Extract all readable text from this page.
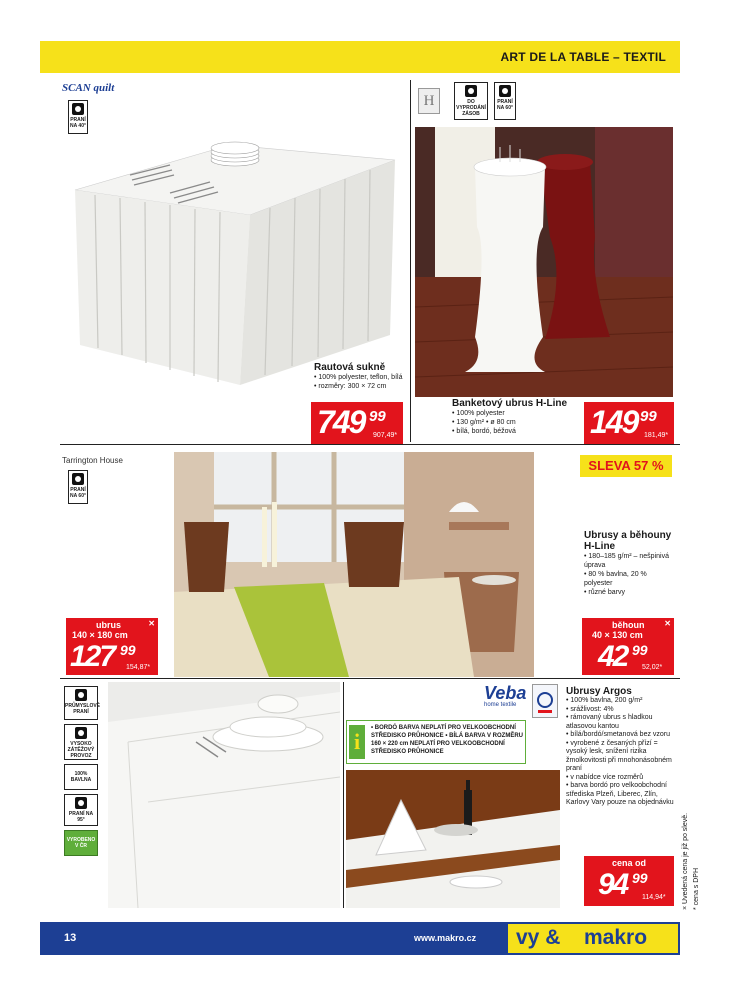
ART DE LA TABLE – TEXTIL
SCAN quilt
PRANÍ NA 40°
Rautová sukně
• 100% polyester, teflon, bílá
• rozměry: 300 × 72 cm
749 99
907,49*
H	DO VYPRODÁNÍ ZÁSOB
PRANÍ NA 60°
Banketový ubrus H-Line
• 100% polyester
• 130 g/m² • ø 80 cm
• bílá, bordó, béžová	149 99
181,49*
Tarrington House
PRANÍ NA 60°
SLEVA 57 %
Ubrusy a běhouny H-Line
• 180–185 g/m² – nešpinivá úprava
• 80 % bavlna, 20 % polyester
• různé barvy
ubrus
140 × 180 cm
✕
127 99
154,87*
běhoun
40 × 130 cm
✕
42 99
52,02*
PRŮMYSLOVÉ PRANÍ
VYSOKO ZÁTĚŽOVÝ PROVOZ
100% BAVLNA
PRANÍ NA 95°
VYROBENO V ČR
Veba
home textile
i
• BORDÓ BARVA NEPLATÍ PRO VELKOOBCHODNÍ STŘEDISKO PRŮHONICE • BÍLÁ BARVA V ROZMĚRU 160 × 220 cm NEPLATÍ PRO VELKOOBCHODNÍ STŘEDISKO PRŮHONICE
Ubrusy Argos
• 100% bavlna, 200 g/m²
• srážlivost: 4%
• rámovaný ubrus s hladkou atlasovou kantou
• bílá/bordó/smetanová bez vzoru
• vyrobené z česaných přízí = vysoký lesk, snížení rizika žmolkovitosti při mnohonásobném praní
• v nabídce více rozměrů
• barva bordó pro velkoobchodní střediska Plzeň, Liberec, Zlín, Karlovy Vary pouze na objednávku
cena od
94 99
114,94* × Uvedená cena je již po slevě. * cena s DPH
13	www.makro.cz vy & makro
